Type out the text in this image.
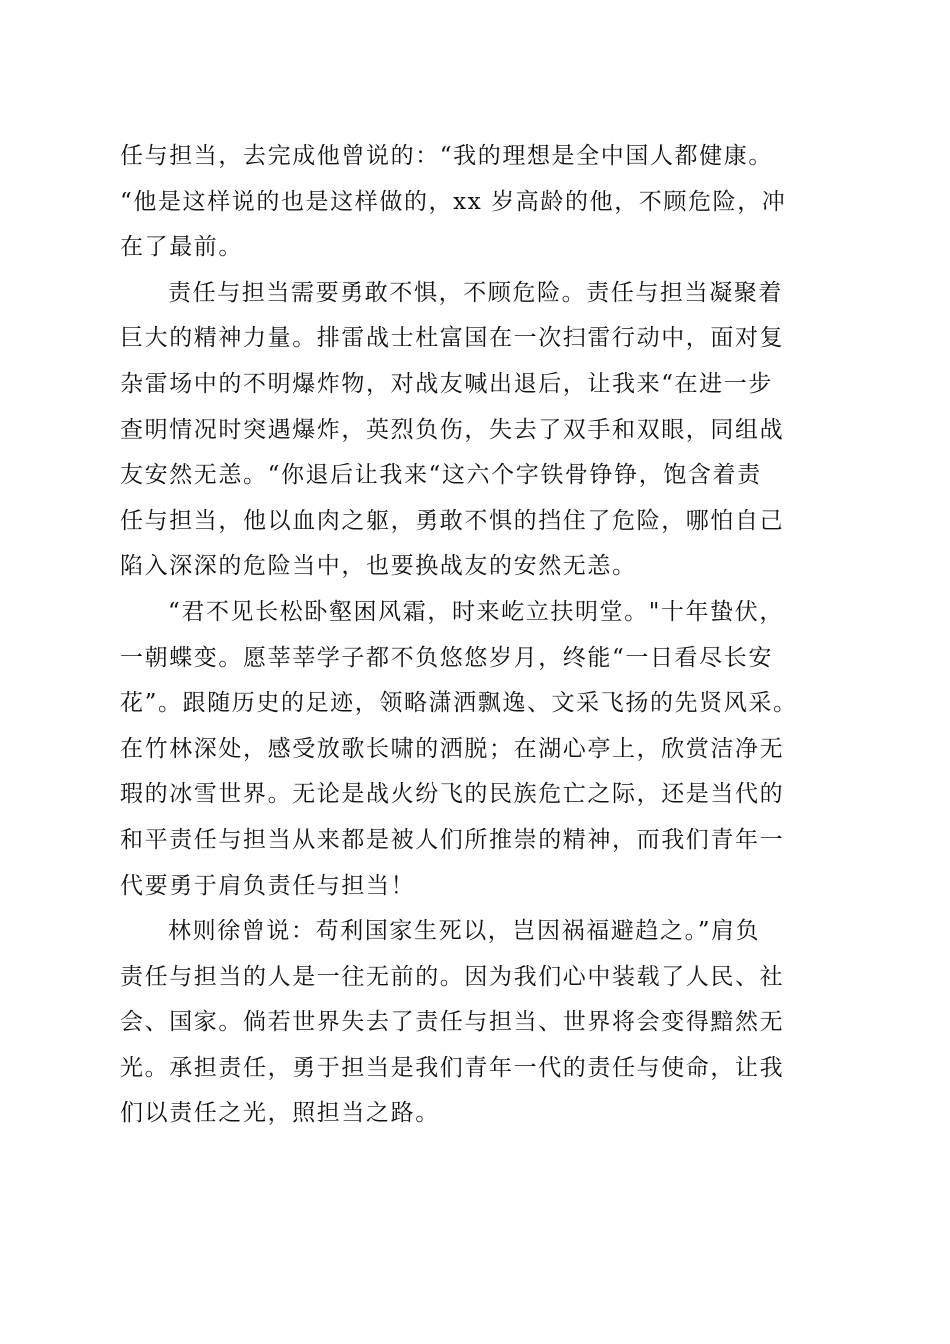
任与担当，去完成他曾说的：“我的理想是全中国人都健康。
“他是这样说的也是这样做的，xx 岁高龄的他，不顾危险，冲
在了最前。
责任与担当需要勇敢不惧，不顾危险。责任与担当凝聚着
巨大的精神力量。排雷战士杜富国在一次扫雷行动中，面对复
杂雷场中的不明爆炸物，对战友喊出退后，让我来“在进一步
查明情况时突遇爆炸，英烈负伤，失去了双手和双眼，同组战
友安然无恙。“你退后让我来“这六个字铁骨铮铮，饱含着责
任与担当，他以血肉之躯，勇敢不惧的挡住了危险，哪怕自己
陷入深深的危险当中，也要换战友的安然无恙。
“君不见长松卧壑困风霜，时来屹立扶明堂。"十年蛰伏，
一朝蝶变。愿莘莘学子都不负悠悠岁月，终能“一日看尽长安
花”。跟随历史的足迹，领略潇洒飘逸、文采飞扬的先贤风采。
在竹林深处，感受放歌长啸的洒脱；在湖心亭上，欣赏洁净无
瑕的冰雪世界。无论是战火纷飞的民族危亡之际，还是当代的
和平责任与担当从来都是被人们所推崇的精神，而我们青年一
代要勇于肩负责任与担当！
林则徐曾说：苟利国家生死以，岂因祸福避趋之。”肩负
责任与担当的人是一往无前的。因为我们心中装载了人民、社
会、国家。倘若世界失去了责任与担当、世界将会变得黯然无
光。承担责任，勇于担当是我们青年一代的责任与使命，让我
们以责任之光，照担当之路。
